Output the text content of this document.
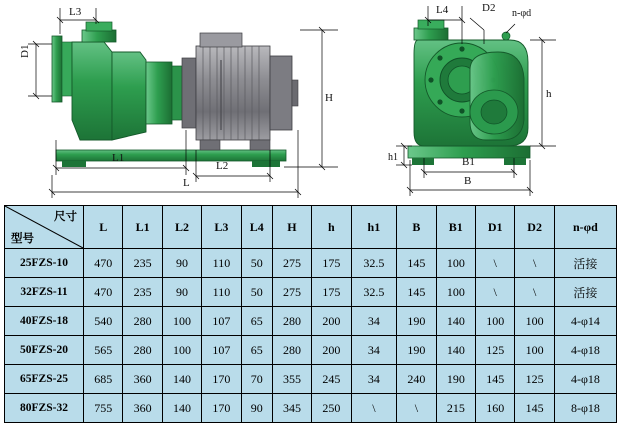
L3
D1
H
L1
L2
L
L4	D2 n-φd
h
h1	B1
B
尺寸
型号	L	L1	L2	L3	L4	H	h	h1	B	B1	D1	D2	n-φd
25FZS-10	470	235	90	110	50	275	175	32.5	145	100	\	\	活接
32FZS-11	470	235	90	110	50	275	175	32.5	145	100	\	\	活接
40FZS-18	540	280	100	107	65	280	200	34	190	140	100	100	4-φ14
50FZS-20	565	280	100	107	65	280	200	34	190	140	125	100	4-φ18
65FZS-25	685	360	140	170	70	355	245	34	240	190	145	125	4-φ18
80FZS-32	755	360	140	170	90	345	250	\	\	215	160	145	8-φ18
